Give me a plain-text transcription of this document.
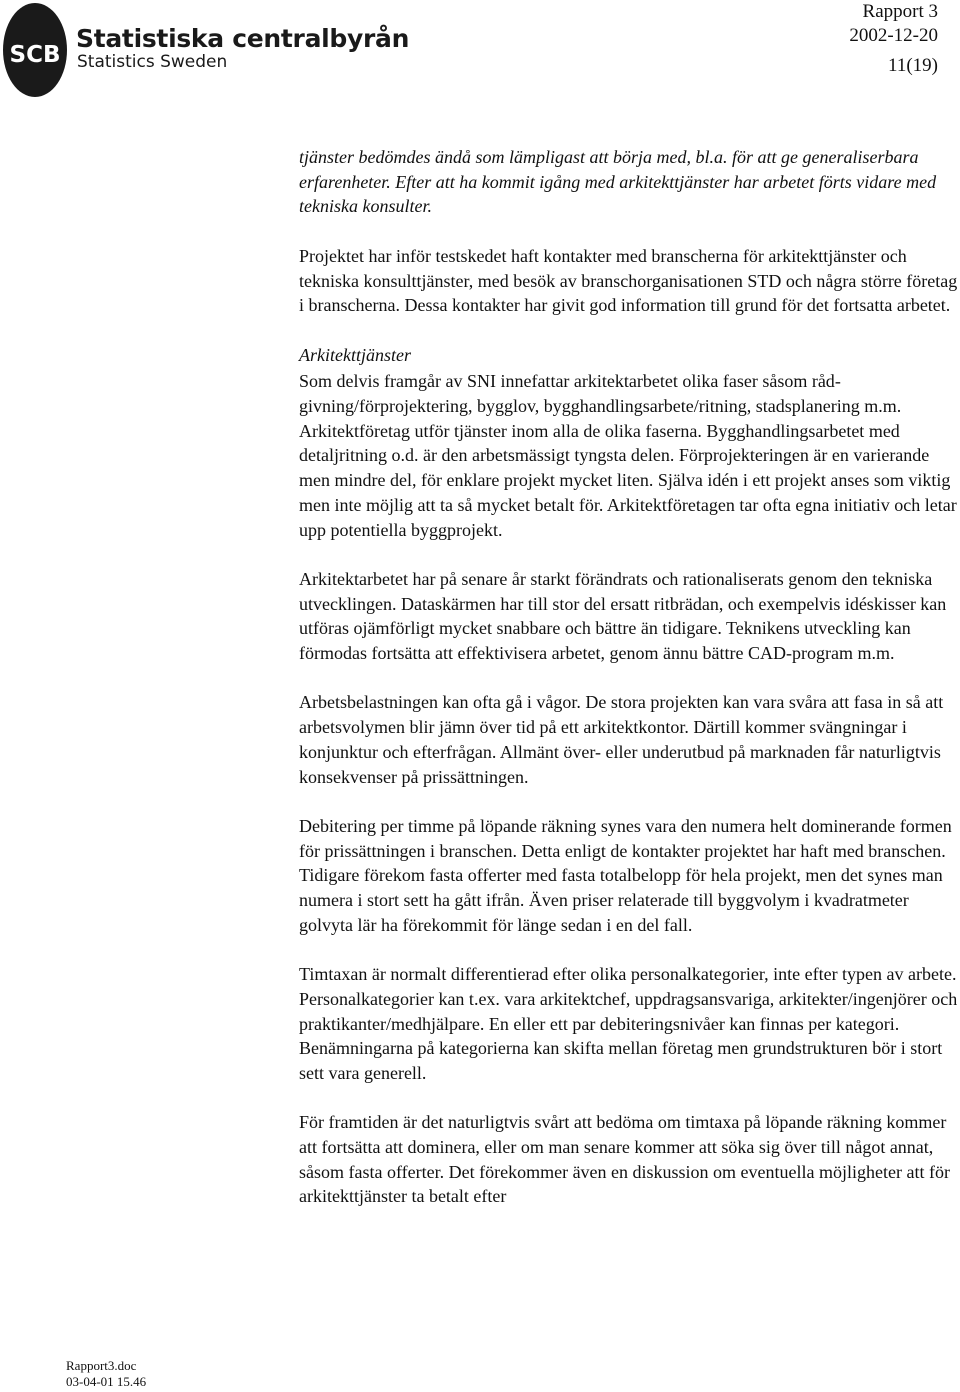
SCB
Statistiska centralbyrån
Statistics Sweden
Rapport 3
2002-12-20
11(19)

tjänster bedömdes ändå som lämpligast att börja med, bl.a. för att ge generaliserbara erfarenheter. Efter att ha kommit igång med arkitekttjänster har arbetet förts vidare med tekniska konsulter.

Projektet har inför testskedet haft kontakter med branscherna för arkitekttjänster och tekniska konsulttjänster, med besök av branschorganisationen STD och några större företag i branscherna. Dessa kontakter har givit god information till grund för det fortsatta arbetet.

Arkitekttjänster

Som delvis framgår av SNI innefattar arkitektarbetet olika faser såsom rådgivning/förprojektering, bygglov, bygghandlingsarbete/ritning, stadsplanering m.m. Arkitektföretag utför tjänster inom alla de olika faserna. Bygghandlingsarbetet med detaljritning o.d. är den arbetsmässigt tyngsta delen. Förprojekteringen är en varierande men mindre del, för enklare projekt mycket liten. Själva idén i ett projekt anses som viktig men inte möjlig att ta så mycket betalt för. Arkitektföretagen tar ofta egna initiativ och letar upp potentiella byggprojekt.

Arkitektarbetet har på senare år starkt förändrats och rationaliserats genom den tekniska utvecklingen. Dataskärmen har till stor del ersatt ritbrädan, och exempelvis idéskisser kan utföras ojämförligt mycket snabbare och bättre än tidigare. Teknikens utveckling kan förmodas fortsätta att effektivisera arbetet, genom ännu bättre CAD-program m.m.

Arbetsbelastningen kan ofta gå i vågor. De stora projekten kan vara svåra att fasa in så att arbetsvolymen blir jämn över tid på ett arkitektkontor. Därtill kommer svängningar i konjunktur och efterfrågan. Allmänt över- eller underutbud på marknaden får naturligtvis konsekvenser på prissättningen.

Debitering per timme på löpande räkning synes vara den numera helt dominerande formen för prissättningen i branschen. Detta enligt de kontakter projektet har haft med branschen. Tidigare förekom fasta offerter med fasta totalbelopp för hela projekt, men det synes man numera i stort sett ha gått ifrån. Även priser relaterade till byggvolym i kvadratmeter golvyta lär ha förekommit för länge sedan i en del fall.

Timtaxan är normalt differentierad efter olika personalkategorier, inte efter typen av arbete. Personalkategorier kan t.ex. vara arkitektchef, uppdragsansvariga, arkitekter/ingenjörer och praktikanter/medhjälpare. En eller ett par debiteringsnivåer kan finnas per kategori. Benämningarna på kategorierna kan skifta mellan företag men grundstrukturen bör i stort sett vara generell.

För framtiden är det naturligtvis svårt att bedöma om timtaxa på löpande räkning kommer att fortsätta att dominera, eller om man senare kommer att söka sig över till något annat, såsom fasta offerter. Det förekommer även en diskussion om eventuella möjligheter att för arkitekttjänster ta betalt efter

Rapport3.doc
03-04-01 15.46
